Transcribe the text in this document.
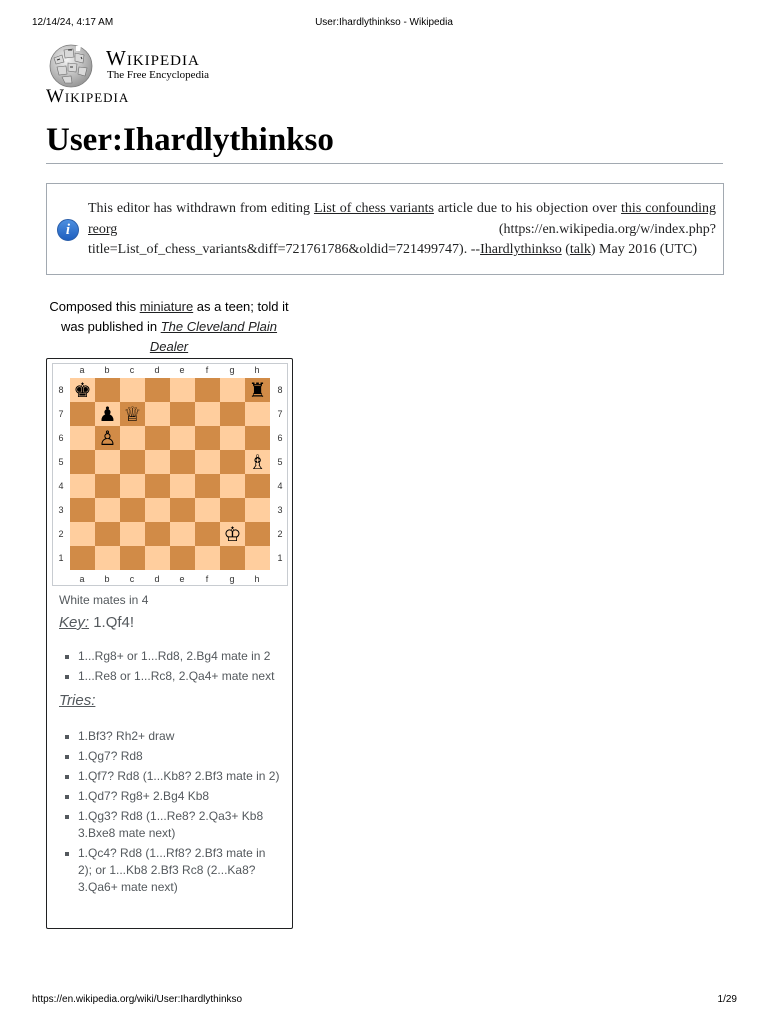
12/14/24, 4:17 AM	User:Ihardlythinkso - Wikipedia
Wikipedia
The Free Encyclopedia
Wikipedia
User:Ihardlythinkso
i
This editor has withdrawn from editing List of chess variants article due to his objection over this confounding reorg (https://en.wikipedia.org/w/index.php?title=List_of_chess_variants&diff=721761786&oldid=721499747). --Ihardlythinkso (talk) May 2016 (UTC)
Composed this miniature as a teen; told it was published in The Cleveland Plain Dealer
♚	♜
♟ ♕
♙
♗
♔
a
a
b
b
c
c
d
d
e
e
f
f
g
g
h
h
8	8
7	7
6	6
5	5
4	4
3	3
2	2
1	1
White mates in 4
Key: 1.Qf4!
1...Rg8+ or 1...Rd8, 2.Bg4 mate in 2
1...Re8 or 1...Rc8, 2.Qa4+ mate next
Tries:
1.Bf3? Rh2+ draw
1.Qg7? Rd8
1.Qf7? Rd8 (1...Kb8? 2.Bf3 mate in 2)
1.Qd7? Rg8+ 2.Bg4 Kb8
1.Qg3? Rd8 (1...Re8? 2.Qa3+ Kb8 3.Bxe8 mate next)
1.Qc4? Rd8 (1...Rf8? 2.Bf3 mate in 2); or 1...Kb8 2.Bf3 Rc8 (2...Ka8? 3.Qa6+ mate next)
https://en.wikipedia.org/wiki/User:Ihardlythinkso	1/29
